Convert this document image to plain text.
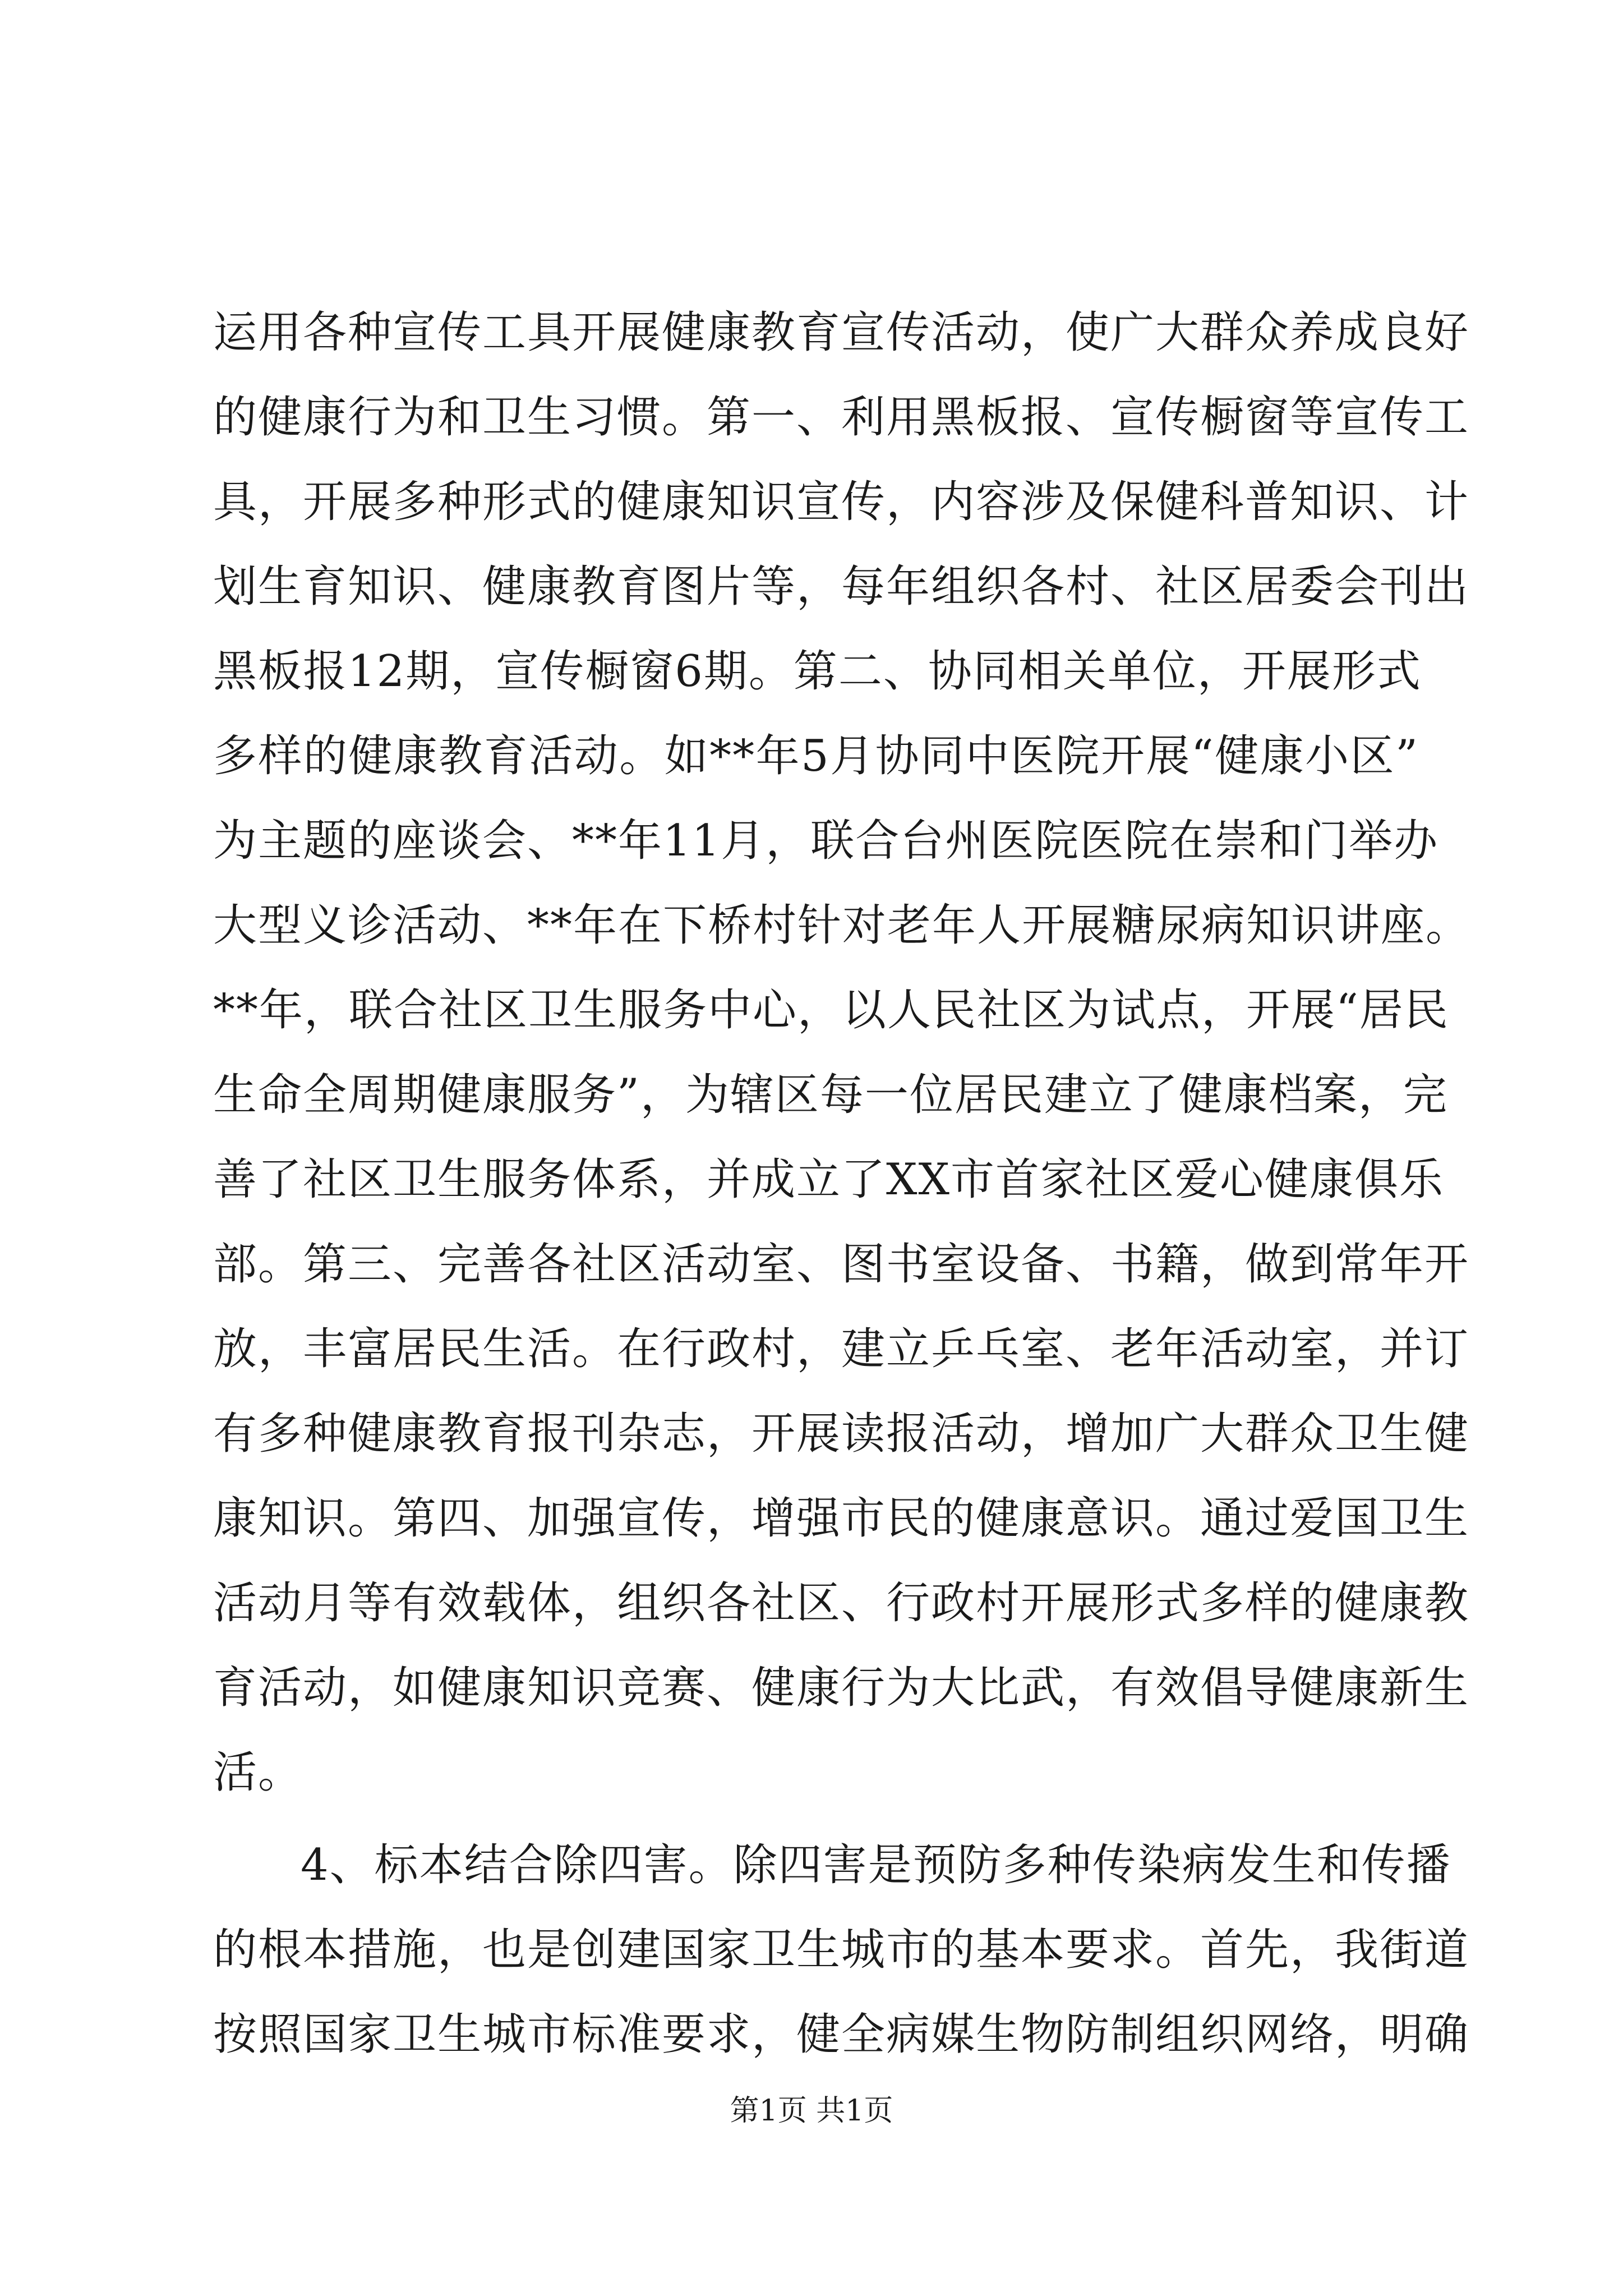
运用各种宣传工具开展健康教育宣传活动，使广大群众养成良好
的健康行为和卫生习惯。第一、利用黑板报、宣传橱窗等宣传工
具，开展多种形式的健康知识宣传，内容涉及保健科普知识、计
划生育知识、健康教育图片等，每年组织各村、社区居委会刊出
黑板报12期，宣传橱窗6期。第二、协同相关单位，开展形式
多样的健康教育活动。如**年5月协同中医院开展“健康小区”
为主题的座谈会、**年11月，联合台州医院医院在崇和门举办
大型义诊活动、**年在下桥村针对老年人开展糖尿病知识讲座。
**年，联合社区卫生服务中心，以人民社区为试点，开展“居民
生命全周期健康服务”，为辖区每一位居民建立了健康档案，完
善了社区卫生服务体系，并成立了XX市首家社区爱心健康俱乐
部。第三、完善各社区活动室、图书室设备、书籍，做到常年开
放，丰富居民生活。在行政村，建立乒乓室、老年活动室，并订
有多种健康教育报刊杂志，开展读报活动，增加广大群众卫生健
康知识。第四、加强宣传，增强市民的健康意识。通过爱国卫生
活动月等有效载体，组织各社区、行政村开展形式多样的健康教
育活动，如健康知识竞赛、健康行为大比武，有效倡导健康新生
活。
4、标本结合除四害。除四害是预防多种传染病发生和传播
的根本措施，也是创建国家卫生城市的基本要求。首先，我街道
按照国家卫生城市标准要求，健全病媒生物防制组织网络，明确
第1页 共1页
